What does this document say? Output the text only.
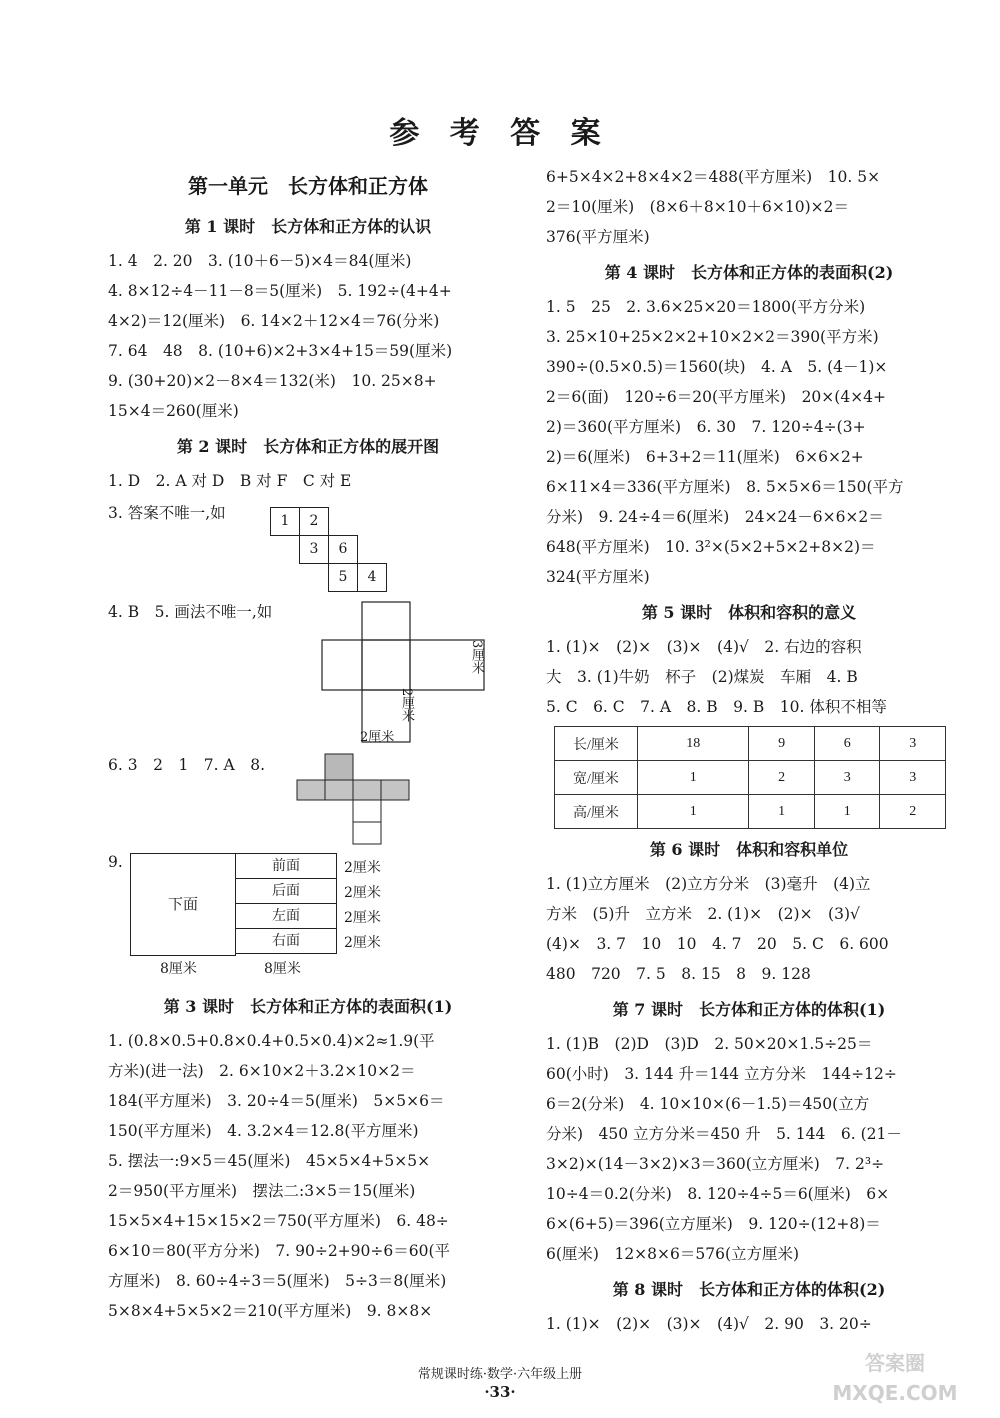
参 考 答 案
第一单元　长方体和正方体
第 1 课时　长方体和正方体的认识
1. 4　2. 20　3. (10＋6－5)×4＝84(厘米)
4. 8×12÷4－11－8＝5(厘米)　5. 192÷(4+4+
4×2)＝12(厘米)　6. 14×2＋12×4＝76(分米)
7. 64　48　8. (10+6)×2+3×4+15＝59(厘米)
9. (30+20)×2－8×4＝132(米)　10. 25×8+
15×4＝260(厘米)
第 2 课时　长方体和正方体的展开图
1. D　2. A 对 D　B 对 F　C 对 E
3. 答案不唯一,如	1	2
3	6
5	4
4. B　5. 画法不唯一,如
3厘米
2厘米
2厘米
6. 3　2　1　7. A　8.
9.
下面
前面
后面
左面
右面
2厘米
2厘米
2厘米
2厘米
8厘米	8厘米
第 3 课时　长方体和正方体的表面积(1)
1. (0.8×0.5+0.8×0.4+0.5×0.4)×2≈1.9(平
方米)(进一法)　2. 6×10×2＋3.2×10×2＝
184(平方厘米)　3. 20÷4＝5(厘米)　5×5×6＝
150(平方厘米)　4. 3.2×4＝12.8(平方厘米)
5. 摆法一:9×5＝45(厘米)　45×5×4+5×5×
2＝950(平方厘米)　摆法二:3×5＝15(厘米)
15×5×4+15×15×2＝750(平方厘米)　6. 48÷
6×10＝80(平方分米)　7. 90÷2+90÷6＝60(平
方厘米)　8. 60÷4÷3＝5(厘米)　5÷3＝8(厘米)
5×8×4+5×5×2＝210(平方厘米)　9. 8×8×
6+5×4×2+8×4×2＝488(平方厘米)　10. 5×
2＝10(厘米)　(8×6＋8×10＋6×10)×2＝
376(平方厘米)
第 4 课时　长方体和正方体的表面积(2)
1. 5　25　2. 3.6×25×20＝1800(平方分米)
3. 25×10+25×2×2+10×2×2＝390(平方米)
390÷(0.5×0.5)＝1560(块)　4. A　5. (4－1)×
2＝6(面)　120÷6＝20(平方厘米)　20×(4×4+
2)＝360(平方厘米)　6. 30　7. 120÷4÷(3+
2)＝6(厘米)　6+3+2＝11(厘米)　6×6×2+
6×11×4＝336(平方厘米)　8. 5×5×6＝150(平方
分米)　9. 24÷4＝6(厘米)　24×24－6×6×2＝
648(平方厘米)　10. 3²×(5×2+5×2+8×2)＝
324(平方厘米)
第 5 课时　体积和容积的意义
1. (1)×　(2)×　(3)×　(4)√　2. 右边的容积
大　3. (1)牛奶　杯子　(2)煤炭　车厢　4. B
5. C　6. C　7. A　8. B　9. B　10. 体积不相等
长/厘米	18	9	6	3
宽/厘米	1	2	3	3
高/厘米	1	1	1	2
第 6 课时　体积和容积单位
1. (1)立方厘米　(2)立方分米　(3)毫升　(4)立
方米　(5)升　立方米　2. (1)×　(2)×　(3)√
(4)×　3. 7　10　10　4. 7　20　5. C　6. 600
480　720　7. 5　8. 15　8　9. 128
第 7 课时　长方体和正方体的体积(1)
1. (1)B　(2)D　(3)D　2. 50×20×1.5÷25＝
60(小时)　3. 144 升＝144 立方分米　144÷12÷
6＝2(分米)　4. 10×10×(6－1.5)＝450(立方
分米)　450 立方分米＝450 升　5. 144　6. (21－
3×2)×(14－3×2)×3＝360(立方厘米)　7. 2³÷
10÷4＝0.2(分米)　8. 120÷4÷5＝6(厘米)　6×
6×(6+5)＝396(立方厘米)　9. 120÷(12+8)＝
6(厘米)　12×8×6＝576(立方厘米)
第 8 课时　长方体和正方体的体积(2)
1. (1)×　(2)×　(3)×　(4)√　2. 90　3. 20÷
常规课时练·数学·六年级上册
·33·
答案圈 MXQE.COM
